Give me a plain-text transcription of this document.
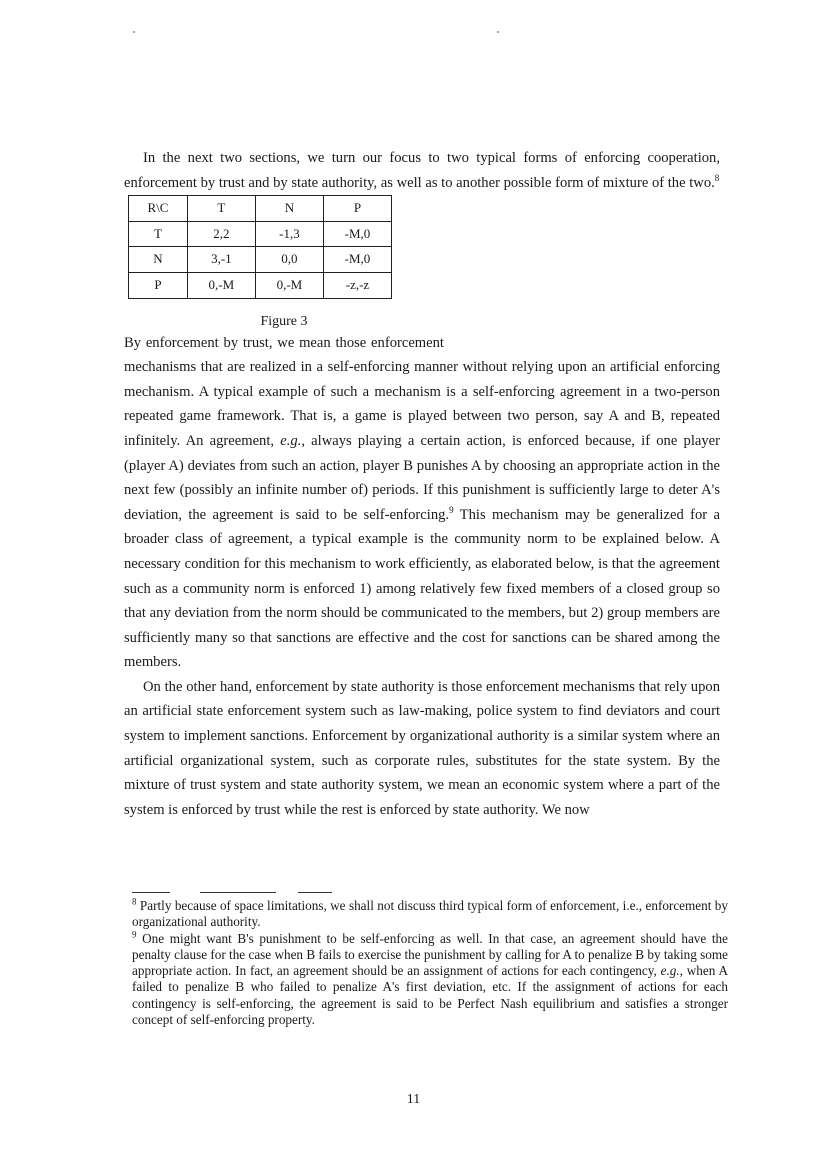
In the next two sections, we turn our focus to two typical forms of enforcing cooperation, enforcement by trust and by state authority, as well as to another possible form of mixture of the two.$^8$

R\C	T	N	P
T	2,2	-1,3	-M,0
N	3,-1	0,0	-M,0
P	0,-M	0,-M	-z,-z
Figure 3
By enforcement by trust, we mean those enforcement mechanisms that are realized in a self-enforcing manner without relying upon an artificial enforcing mechanism. A typical example of such a mechanism is a self-enforcing agreement in a two-person repeated game framework. That is, a game is played between two person, say A and B, repeated infinitely. An agreement, e.g., always playing a certain action, is enforced because, if one player (player A) deviates from such an action, player B punishes A by choosing an appropriate action in the next few (possibly an infinite number of) periods. If this punishment is sufficiently large to deter A's deviation, the agreement is said to be self-enforcing.$^9$ This mechanism may be generalized for a broader class of agreement, a typical example is the community norm to be explained below. A necessary condition for this mechanism to work efficiently, as elaborated below, is that the agreement such as a community norm is enforced 1) among relatively few fixed members of a closed group so that any deviation from the norm should be communicated to the members, but 2) group members are sufficiently many so that sanctions are effective and the cost for sanctions can be shared among the members.

On the other hand, enforcement by state authority is those enforcement mechanisms that rely upon an artificial state enforcement system such as law-making, police system to find deviators and court system to implement sanctions. Enforcement by organizational authority is a similar system where an artificial organizational system, such as corporate rules, substitutes for the state system. By the mixture of trust system and state authority system, we mean an economic system where a part of the system is enforced by trust while the rest is enforced by state authority. We now

$^8$ Partly because of space limitations, we shall not discuss third typical form of enforcement, i.e., enforcement by organizational authority.

$^9$ One might want B's punishment to be self-enforcing as well. In that case, an agreement should have the penalty clause for the case when B fails to exercise the punishment by calling for A to penalize B by taking some appropriate action. In fact, an agreement should be an assignment of actions for each contingency, e.g., when A failed to penalize B who failed to penalize A's first deviation, etc. If the assignment of actions for each contingency is self-enforcing, the agreement is said to be Perfect Nash equilibrium and satisfies a stronger concept of self-enforcing property.

11
